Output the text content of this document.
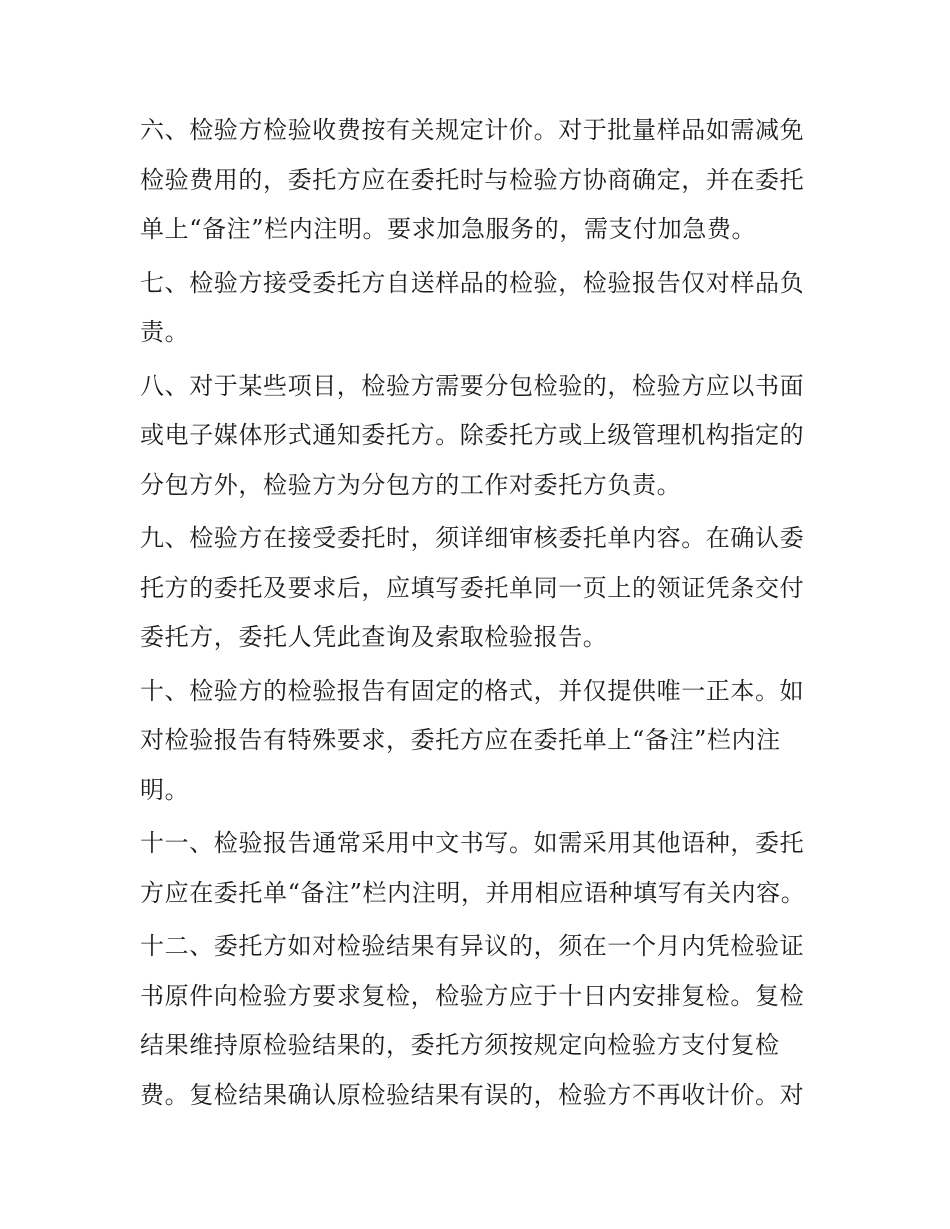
六、检验方检验收费按有关规定计价。对于批量样品如需减免
检验费用的，委托方应在委托时与检验方协商确定，并在委托
单上“备注”栏内注明。要求加急服务的，需支付加急费。
七、检验方接受委托方自送样品的检验，检验报告仅对样品负
责。
八、对于某些项目，检验方需要分包检验的，检验方应以书面
或电子媒体形式通知委托方。除委托方或上级管理机构指定的
分包方外，检验方为分包方的工作对委托方负责。
九、检验方在接受委托时，须详细审核委托单内容。在确认委
托方的委托及要求后，应填写委托单同一页上的领证凭条交付
委托方，委托人凭此查询及索取检验报告。
十、检验方的检验报告有固定的格式，并仅提供唯一正本。如
对检验报告有特殊要求，委托方应在委托单上“备注”栏内注
明。
十一、检验报告通常采用中文书写。如需采用其他语种，委托
方应在委托单“备注”栏内注明，并用相应语种填写有关内容。
十二、委托方如对检验结果有异议的，须在一个月内凭检验证
书原件向检验方要求复检，检验方应于十日内安排复检。复检
结果维持原检验结果的，委托方须按规定向检验方支付复检
费。复检结果确认原检验结果有误的，检验方不再收计价。对
